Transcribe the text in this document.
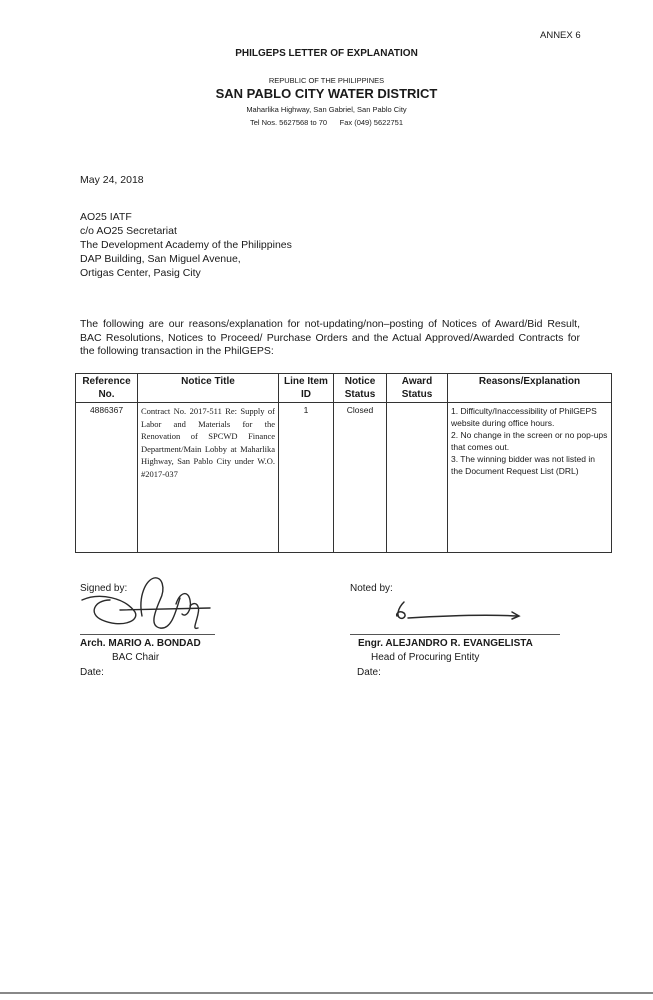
ANNEX 6
PHILGEPS LETTER OF EXPLANATION
REPUBLIC OF THE PHILIPPINES
SAN PABLO CITY WATER DISTRICT
Maharlika Highway, San Gabriel, San Pablo City
Tel Nos. 5627568 to 70 Fax (049) 5622751
May 24, 2018
AO25 IATF
c/o AO25 Secretariat
The Development Academy of the Philippines
DAP Building, San Miguel Avenue,
Ortigas Center, Pasig City
The following are our reasons/explanation for not-updating/non–posting of Notices of Award/Bid Result, BAC Resolutions, Notices to Proceed/ Purchase Orders and the Actual Approved/Awarded Contracts for the following transaction in the PhilGEPS:
Reference No.	Notice Title	Line Item ID	Notice Status	Award Status	Reasons/Explanation
4886367	Contract No. 2017-511 Re: Supply of Labor and Materials for the Renovation of SPCWD Finance Department/Main Lobby at Maharlika Highway, San Pablo City under W.O. #2017-037	1	Closed		1. Difficulty/Inaccessibility of PhilGEPS website during office hours.
2. No change in the screen or no pop-ups that comes out.
3. The winning bidder was not listed in the Document Request List (DRL)
Signed by:
Arch. MARIO A. BONDAD
BAC Chair
Date:
Noted by:
Engr. ALEJANDRO R. EVANGELISTA
Head of Procuring Entity
Date:
